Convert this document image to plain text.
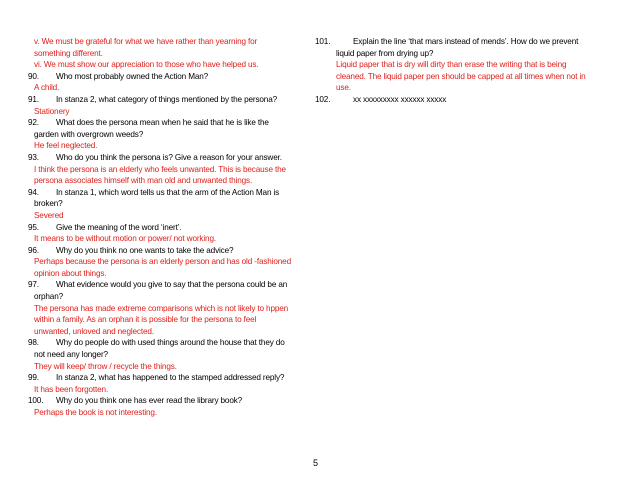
v. We must be grateful for what we have rather than yearning for
something different.
vi. We must show our appreciation to those who have helped us.
90. Who most probably owned the Action Man?
A child.
91. In stanza 2, what category of things mentioned by the persona?
Stationery
92. What does the persona mean when he said that he is like the
garden with overgrown weeds?
He feel neglected.
93. Who do you think the persona is? Give a reason for your answer.
I think the persona is an elderly who feels unwanted. This is because the
persona associates himself with man old and unwanted things.
94. In stanza 1, which word tells us that the arm of the Action Man is
broken?
Severed
95. Give the meaning of the word ‘inert’.
It means to be without motion or power/ not working.
96. Why do you think no one wants to take the advice?
Perhaps because the persona is an elderly person and has old -fashioned
opinion about things.
97. What evidence would you give to say that the persona could be an
orphan?
The persona has made extreme comparisons which is not likely to hppen
within a family. As an orphan it is possible for the persona to feel
unwanted, unloved and neglected.
98. Why do people do with used things around the house that they do
not need any longer?
They will keep/ throw / recycle the things.
99. In stanza 2, what has happened to the stamped addressed reply?
It has been forgotten.
100. Why do you think one has ever read the library book?
Perhaps the book is not interesting.
101.	Explain the line ‘that mars instead of mends’. How do we prevent
liquid paper from drying up?
Liquid paper that is dry will dirty than erase the writing that is being
cleaned. The liquid paper pen should be capped at all times when not in
use.
102.	xx xxxxxxxxx xxxxxx xxxxx
5
